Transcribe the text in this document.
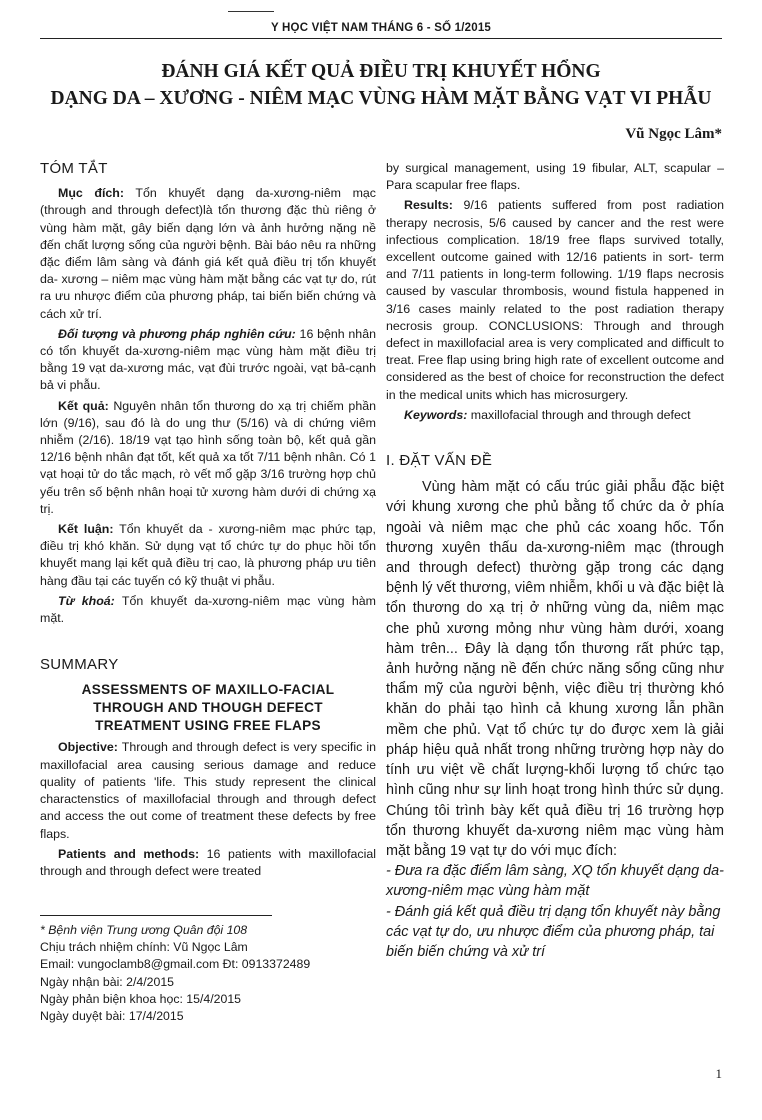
Y HỌC VIỆT NAM THÁNG 6 - SỐ 1/2015
ĐÁNH GIÁ KẾT QUẢ ĐIỀU TRỊ KHUYẾT HỔNG
DẠNG DA – XƯƠNG - NIÊM MẠC VÙNG HÀM MẶT BẰNG VẠT VI PHẪU
Vũ Ngọc Lâm*
TÓM TẮT

Mục đích: Tổn khuyết dạng da-xương-niêm mạc (through and through defect)là tổn thương đặc thù riêng ở vùng hàm mặt, gây biến dạng lớn và ảnh hưởng nặng nề đến chất lượng sống của người bệnh. Bài báo nêu ra những đặc điểm lâm sàng và đánh giá kết quả điều trị tổn khuyết da- xương – niêm mạc vùng hàm mặt bằng các vạt tự do, rút ra ưu nhược điểm của phương pháp, tai biến biến chứng và cách xử trí.

Đối tượng và phương pháp nghiên cứu: 16 bệnh nhân có tổn khuyết da-xương-niêm mạc vùng hàm mặt điều trị bằng 19 vạt da-xương mác, vạt đùi trước ngoài, vạt bả-cạnh bả vi phẫu.

Kết quả: Nguyên nhân tổn thương do xạ trị chiếm phần lớn (9/16), sau đó là do ung thư (5/16) và di chứng viêm nhiễm (2/16). 18/19 vạt tạo hình sống toàn bộ, kết quả gần 12/16 bệnh nhân đạt tốt, kết quả xa tốt 7/11 bệnh nhân. Có 1 vạt hoại tử do tắc mạch, rò vết mổ gặp 3/16 trường hợp chủ yếu trên số bệnh nhân hoại tử xương hàm dưới di chứng xạ trị.

Kết luận: Tổn khuyết da - xương-niêm mạc phức tạp, điều trị khó khăn. Sử dụng vạt tổ chức tự do phục hồi tổn khuyết mang lại kết quả điều trị cao, là phương pháp ưu tiên hàng đầu tại các tuyến có kỹ thuật vi phẫu.

Từ khoá: Tổn khuyết da-xương-niêm mạc vùng hàm mặt.

SUMMARY
ASSESSMENTS OF MAXILLO-FACIAL
THROUGH AND THOUGH DEFECT
TREATMENT USING FREE FLAPS

Objective: Through and through defect is very specific in maxillofacial area causing serious damage and reduce quality of patients 'life. This study represent the clinical charactenstics of maxillofacial through and through defect and access the out come of treatment these defects by free flaps.

Patients and methods: 16 patients with maxillofacial through and through defect were treated

* Bệnh viện Trung ương Quân đội 108
Chịu trách nhiệm chính: Vũ Ngọc Lâm
Email: vungoclamb8@gmail.com Đt: 0913372489
Ngày nhận bài: 2/4/2015
Ngày phản biện khoa học: 15/4/2015
Ngày duyệt bài: 17/4/2015

by surgical management, using 19 fibular, ALT, scapular – Para scapular free flaps.

Results: 9/16 patients suffered from post radiation therapy necrosis, 5/6 caused by cancer and the rest were infectious complication. 18/19 free flaps survived totally, excellent outcome gained with 12/16 patients in sort- term and 7/11 patients in long-term following. 1/19 flaps necrosis caused by vascular thrombosis, wound fistula happened in 3/16 cases mainly related to the post radiation therapy necrosis group. CONCLUSIONS: Through and through defect in maxillofacial area is very complicated and difficult to treat. Free flap using bring high rate of excellent outcome and considered as the best of choice for reconstruction the defect in the medical units which has microsurgery.

Keywords: maxillofacial through and through defect

I. ĐẶT VẤN ĐỀ

Vùng hàm mặt có cấu trúc giải phẫu đặc biệt với khung xương che phủ bằng tổ chức da ở phía ngoài và niêm mạc che phủ các xoang hốc. Tổn thương xuyên thấu da-xương-niêm mạc (through and through defect) thường gặp trong các dạng bệnh lý vết thương, viêm nhiễm, khối u và đặc biệt là tổn thương do xạ trị ở những vùng da, niêm mạc che phủ xương mỏng như vùng hàm dưới, xoang hàm trên... Đây là dạng tổn thương rất phức tạp, ảnh hưởng nặng nề đến chức năng sống cũng như thẩm mỹ của người bệnh, việc điều trị thường khó khăn do phải tạo hình cả khung xương lẫn phần mềm che phủ. Vạt tổ chức tự do được xem là giải pháp hiệu quả nhất trong những trường hợp này do tính ưu việt về chất lượng-khối lượng tổ chức tạo hình cũng như sự linh hoạt trong hình thức sử dụng. Chúng tôi trình bày kết quả điều trị 16 trường hợp tổn thương khuyết da-xương niêm mạc vùng hàm mặt bằng 19 vạt tự do với mục đích:

- Đưa ra đặc điểm lâm sàng, XQ tổn khuyết dạng da-xương-niêm mạc vùng hàm mặt

- Đánh giá kết quả điều trị dạng tổn khuyết này bằng các vạt tự do, ưu nhược điểm của phương pháp, tai biến biến chứng và xử trí

1
